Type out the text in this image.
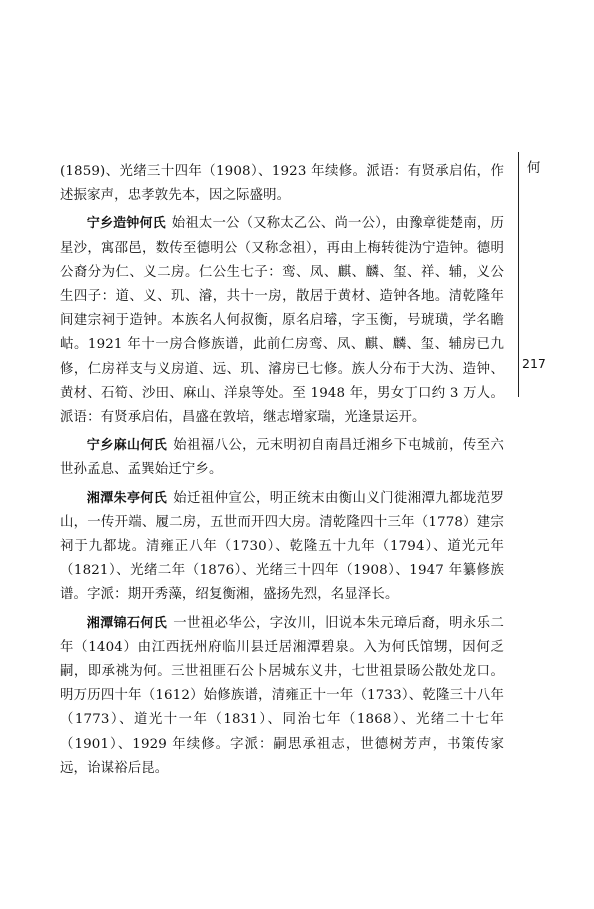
何
217

(1859)、光绪三十四年（1908）、1923 年续修。派语：有贤承启佑，作述振家声，忠孝敦先本，因之际盛明。

宁乡造钟何氏 始祖太一公（又称太乙公、尚一公），由豫章徙楚南，历星沙，寓邵邑，数传至德明公（又称念祖），再由上梅转徙沩宁造钟。德明公裔分为仁、义二房。仁公生七子：鸾、凤、麒、麟、玺、祥、辅，义公生四子：道、义、玑、濬，共十一房，散居于黄材、造钟各地。清乾隆年间建宗祠于造钟。本族名人何叔衡，原名启璿，字玉衡，号琥璜，学名瞻岵。1921 年十一房合修族谱，此前仁房鸾、凤、麒、麟、玺、辅房已九修，仁房祥支与义房道、远、玑、濬房已七修。族人分布于大沩、造钟、黄材、石筍、沙田、麻山、洋泉等处。至 1948 年，男女丁口约 3 万人。派语：有贤承启佑，昌盛在敦培，继志增家瑞，光逢景运开。

宁乡麻山何氏 始祖福八公，元末明初自南昌迁湘乡下屯城前，传至六世孙孟息、孟巽始迁宁乡。

湘潭朱亭何氏 始迁祖仲宣公，明正统末由衡山义门徙湘潭九都垅范罗山，一传开端、履二房，五世而开四大房。清乾隆四十三年（1778）建宗祠于九都垅。清雍正八年（1730）、乾隆五十九年（1794）、道光元年（1821）、光绪二年（1876）、光绪三十四年（1908）、1947 年纂修族谱。字派：期开秀藻，绍复衡湘，盛扬先烈，名显泽长。

湘潭锦石何氏 一世祖必华公，字汝川，旧说本朱元璋后裔，明永乐二年（1404）由江西抚州府临川县迁居湘潭碧泉。入为何氏馆甥，因何乏嗣，即承祧为何。三世祖匪石公卜居城东义井，七世祖景旸公散处龙口。明万历四十年（1612）始修族谱，清雍正十一年（1733）、乾隆三十八年（1773）、道光十一年（1831）、同治七年（1868）、光绪二十七年（1901）、1929 年续修。字派：嗣思承祖志，世德树芳声，书策传家远，诒谋裕后昆。
